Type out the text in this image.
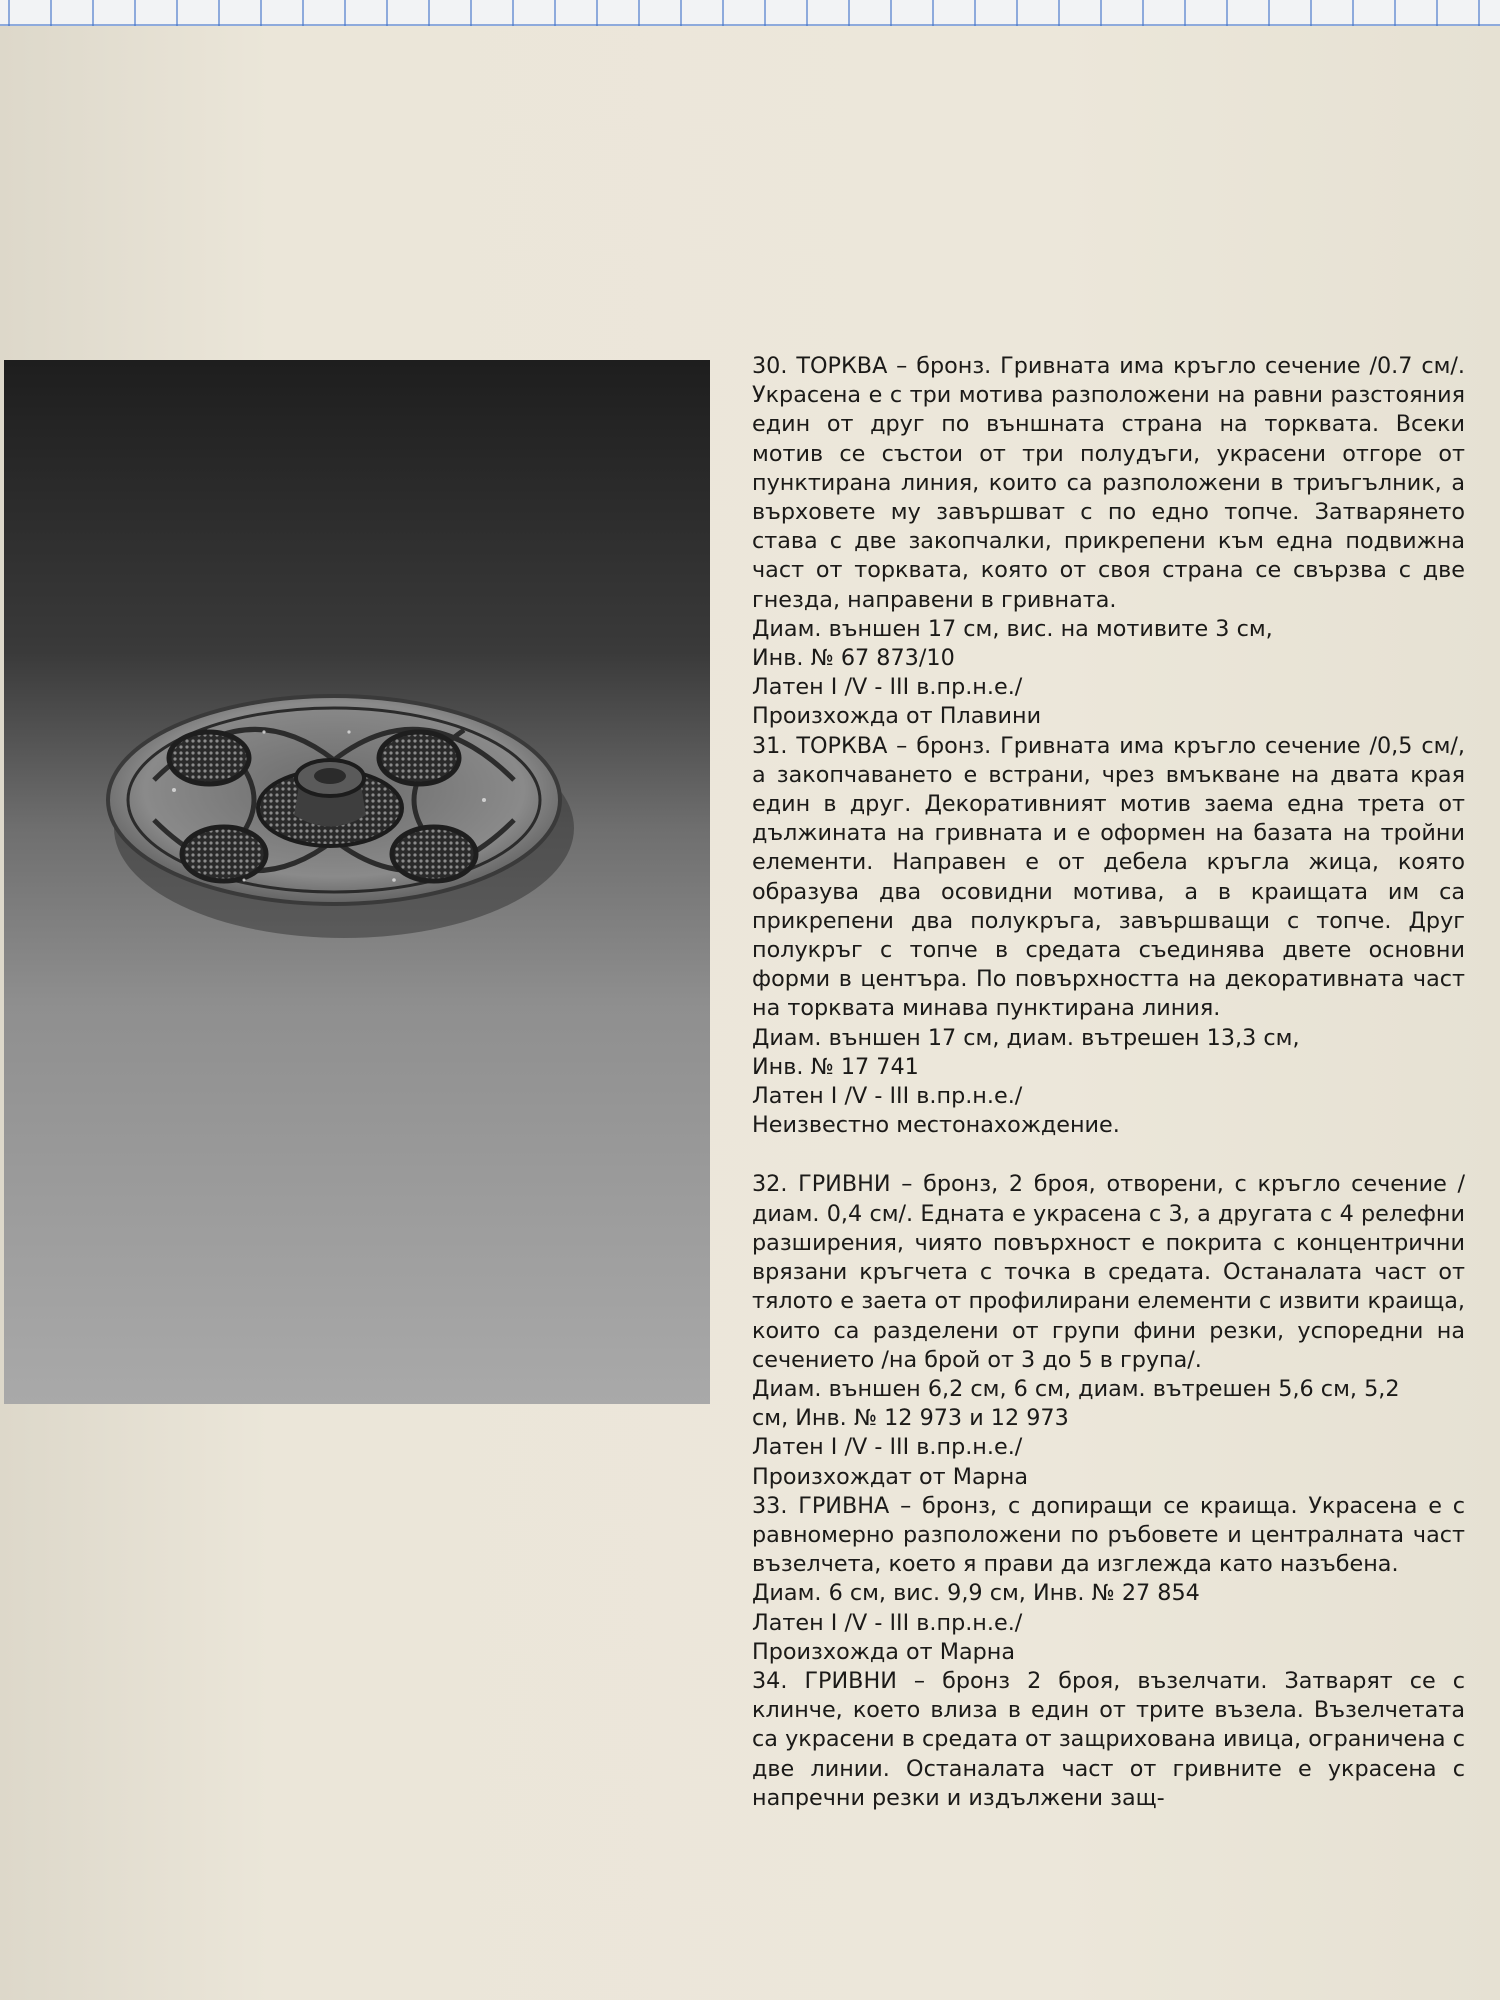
30. ТОРКВА – бронз. Гривната има кръгло сечение /0.7 см/. Украсена е с три мотива разположени на равни разстояния един от друг по външната страна на торквата. Всеки мотив се състои от три полудъги, украсени отгоре от пунктирана линия, които са разположени в триъгълник, а върховете му завършват с по едно топче. Затварянето става с две закопчалки, прикрепени към една подвижна част от торквата, която от своя страна се свързва с две гнезда, направени в гривната.

Диам. външен 17 см, вис. на мотивите 3 см,

Инв. № 67 873/10

Латен I /V - III в.пр.н.е./

Произхожда от Плавини

31. ТОРКВА – бронз. Гривната има кръгло сечение /0,5 см/, а закопчаването е встрани, чрез вмъкване на двата края един в друг. Декоративният мотив заема една трета от дължината на гривната и е оформен на базата на тройни елементи. Направен е от дебела кръгла жица, която образува два осовидни мотива, а в краищата им са прикрепени два полукръга, завършващи с топче. Друг полукръг с топче в средата съединява двете основни форми в центъра. По повърхността на декоративната част на торквата минава пунктирана линия.

Диам. външен 17 см, диам. вътрешен 13,3 см,

Инв. № 17 741

Латен I /V - III в.пр.н.е./

Неизвестно местонахождение.

32. ГРИВНИ – бронз, 2 броя, отворени, с кръгло сечение /диам. 0,4 см/. Едната е украсена с 3, а другата с 4 релефни разширения, чиято повърхност е покрита с концентрични врязани кръгчета с точка в средата. Останалата част от тялото е заета от профилирани елементи с извити краища, които са разделени от групи фини резки, успоредни на сечението /на брой от 3 до 5 в група/.

Диам. външен 6,2 см, 6 см, диам. вътрешен 5,6 см, 5,2

см, Инв. № 12 973 и 12 973

Латен I /V - III в.пр.н.е./

Произхождат от Марна

33. ГРИВНА – бронз, с допиращи се краища. Украсена е с равномерно разположени по ръбовете и централната част възелчета, което я прави да изглежда като назъбена.

Диам. 6 см, вис. 9,9 см, Инв. № 27 854

Латен I /V - III в.пр.н.е./

Произхожда от Марна

34. ГРИВНИ – бронз 2 броя, възелчати. Затварят се с клинче, което влиза в един от трите възела. Възелчетата са украсени в средата от защрихована ивица, ограничена с две линии. Останалата част от гривните е украсена с напречни резки и издължени защ-
